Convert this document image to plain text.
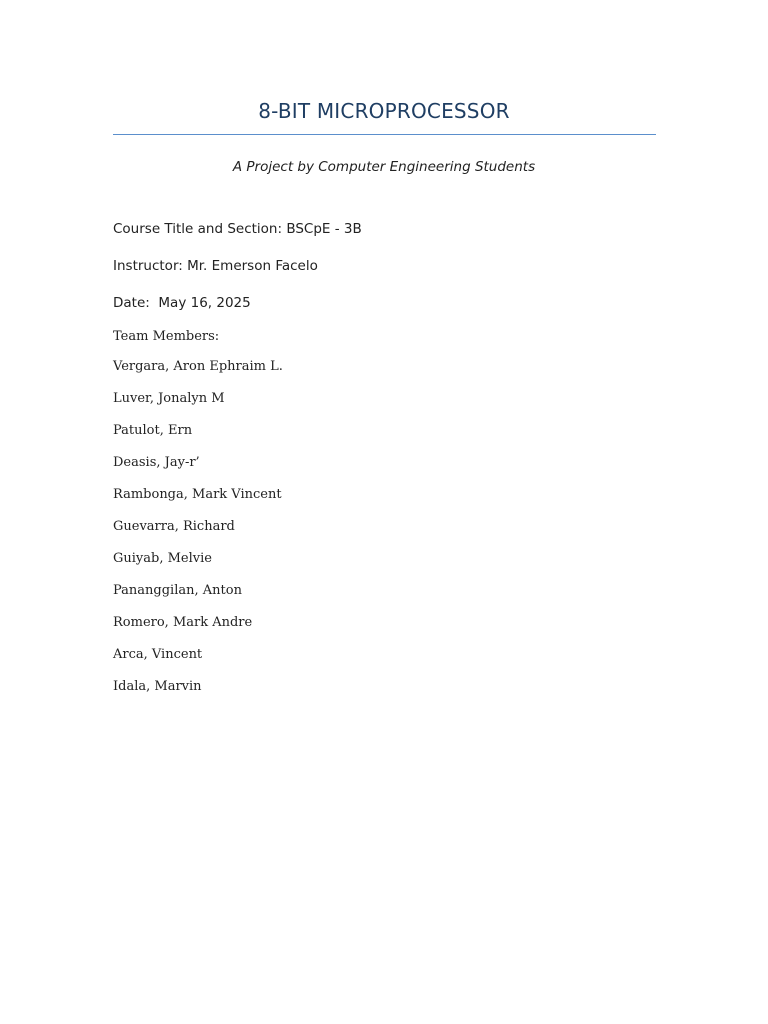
8-BIT MICROPROCESSOR
A Project by Computer Engineering Students
Course Title and Section: BSCpE - 3B
Instructor: Mr. Emerson Facelo
Date:  May 16, 2025
Team Members:
Vergara, Aron Ephraim L.
Luver, Jonalyn M
Patulot, Ern
Deasis, Jay-r’
Rambonga, Mark Vincent
Guevarra, Richard
Guiyab, Melvie
Pananggilan, Anton
Romero, Mark Andre
Arca, Vincent
Idala, Marvin
